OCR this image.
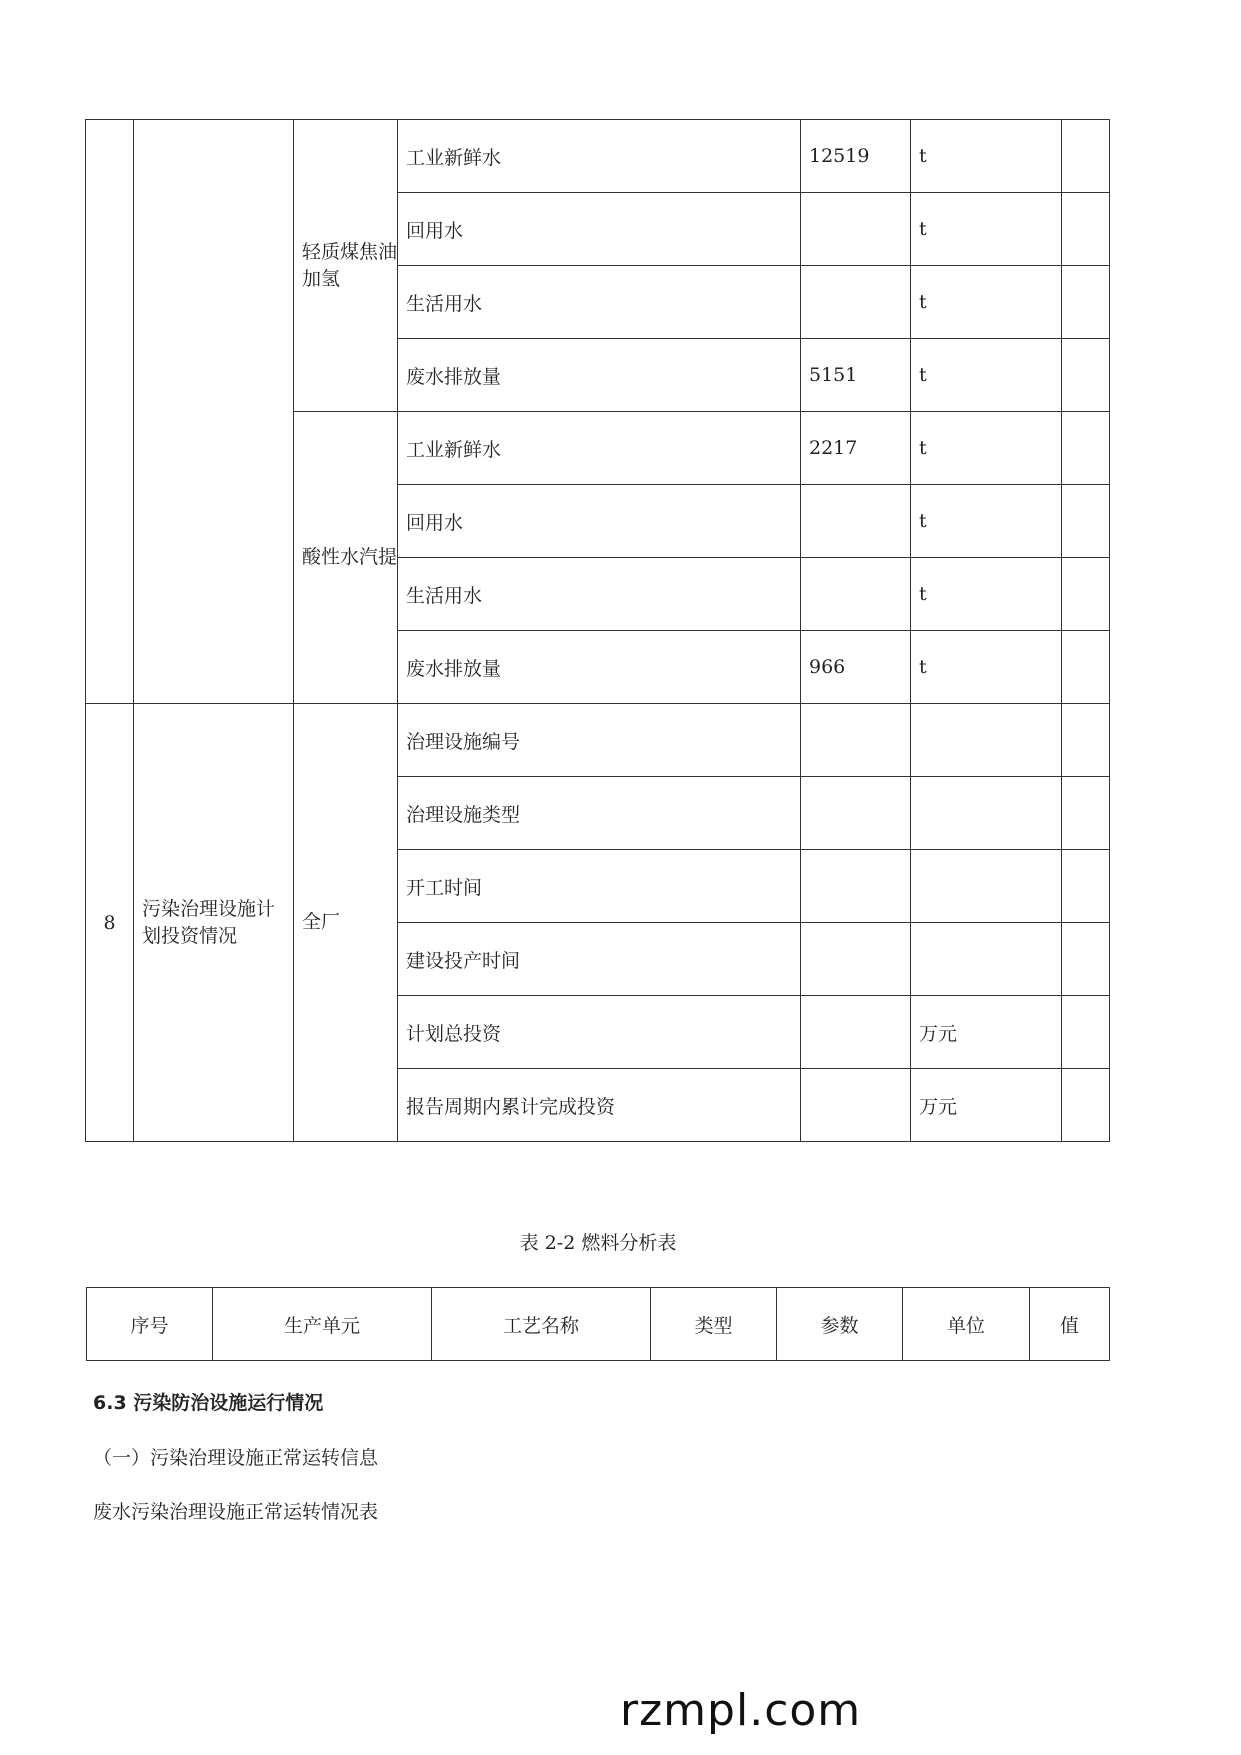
		轻质煤焦油加氢	工业新鲜水	12519	t	
			回用水		t	
			生活用水		t	
			废水排放量	5151	t	
		酸性水汽提	工业新鲜水	2217	t	
			回用水		t	
			生活用水		t	
			废水排放量	966	t	
8	污染治理设施计划投资情况	全厂	治理设施编号			
			治理设施类型			
			开工时间			
			建设投产时间			
			计划总投资		万元	
			报告周期内累计完成投资		万元	
表 2-2 燃料分析表
序号	生产单元	工艺名称	类型	参数	单位	值
6.3 污染防治设施运行情况
（一）污染治理设施正常运转信息
废水污染治理设施正常运转情况表
rzmpl.com
